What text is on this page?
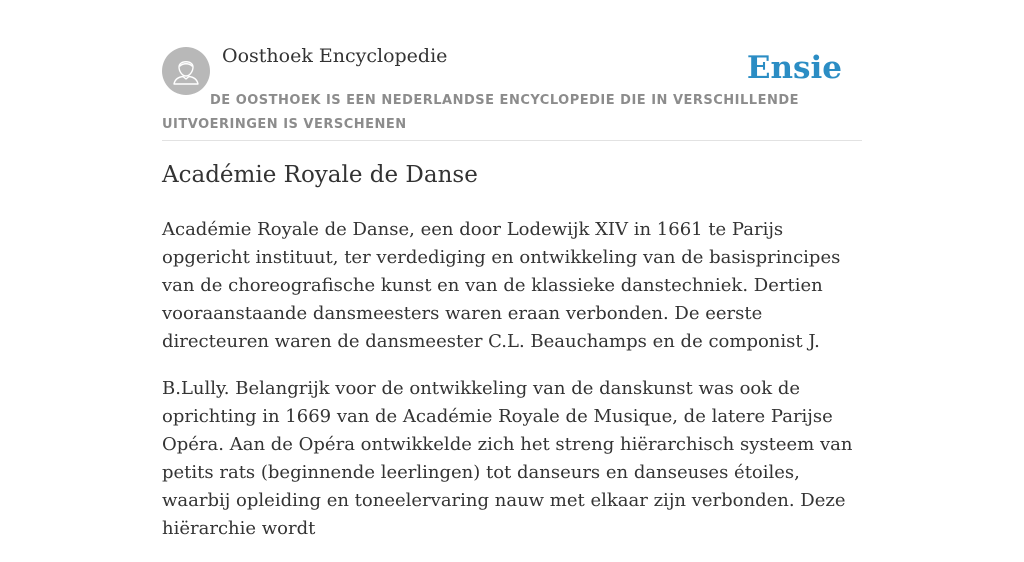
Oosthoek Encyclopedie	Ensie
DE OOSTHOEK IS EEN NEDERLANDSE ENCYCLOPEDIE DIE IN VERSCHILLENDE UITVOERINGEN IS VERSCHENEN
Académie Royale de Danse

Académie Royale de Danse, een door Lodewijk XIV in 1661 te Parijs opgericht instituut, ter verdediging en ontwikkeling van de basisprincipes van de choreografische kunst en van de klassieke danstechniek. Dertien vooraanstaande dansmeesters waren eraan verbonden. De eerste directeuren waren de dansmeester C.L. Beauchamps en de componist J.

B.Lully. Belangrijk voor de ontwikkeling van de danskunst was ook de oprichting in 1669 van de Académie Royale de Musique, de latere Parijse Opéra. Aan de Opéra ontwikkelde zich het streng hiërarchisch systeem van petits rats (beginnende leerlingen) tot danseurs en danseuses étoiles, waarbij opleiding en toneelervaring nauw met elkaar zijn verbonden. Deze hiërarchie wordt
